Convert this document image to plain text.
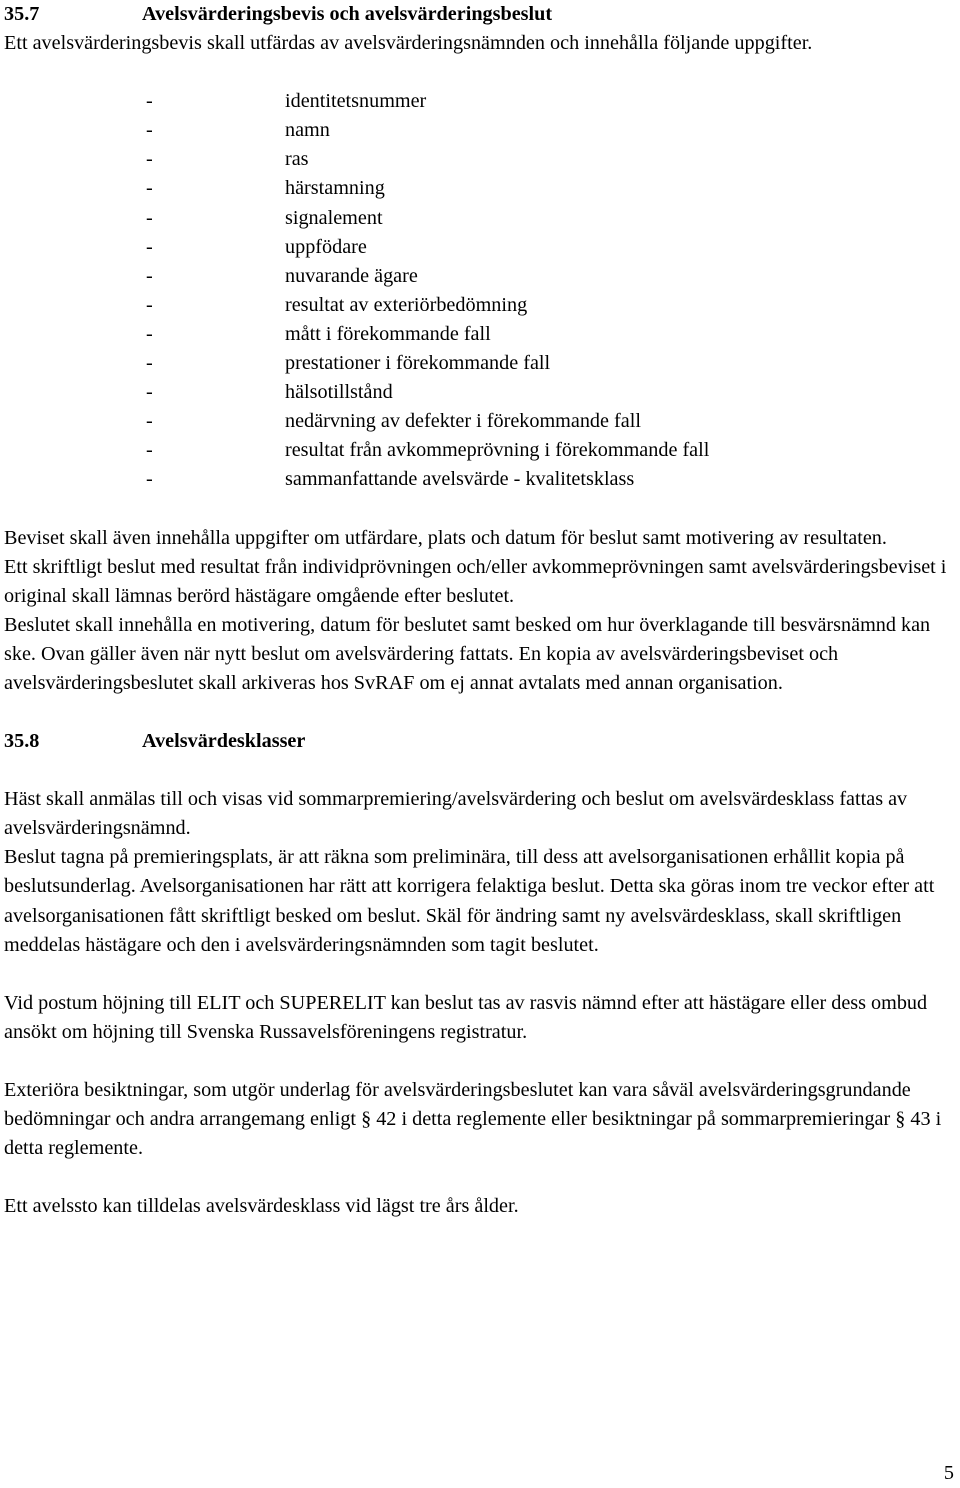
35.7	Avelsvärderingsbevis och avelsvärderingsbeslut

Ett avelsvärderingsbevis skall utfärdas av avelsvärderingsnämnden och innehålla följande uppgifter.

-	identitetsnummer
-	namn
-	ras
-	härstamning
-	signalement
-	uppfödare
-	nuvarande ägare
-	resultat av exteriörbedömning
-	mått i förekommande fall
-	prestationer i förekommande fall
-	hälsotillstånd
-	nedärvning av defekter i förekommande fall
-	resultat från avkommeprövning i förekommande fall
-	sammanfattande avelsvärde - kvalitetsklass

Beviset skall även innehålla uppgifter om utfärdare, plats och datum för beslut samt motivering av resultaten.

Ett skriftligt beslut med resultat från individprövningen och/eller avkommeprövningen samt avelsvärderingsbeviset i original skall lämnas berörd hästägare omgående efter beslutet.

Beslutet skall innehålla en motivering, datum för beslutet samt besked om hur överklagande till besvärsnämnd kan ske. Ovan gäller även när nytt beslut om avelsvärdering fattats. En kopia av avelsvärderingsbeviset och avelsvärderingsbeslutet skall arkiveras hos SvRAF om ej annat avtalats med annan organisation.

35.8	Avelsvärdesklasser

Häst skall anmälas till och visas vid sommarpremiering/avelsvärdering och beslut om avelsvärdesklass fattas av avelsvärderingsnämnd.

Beslut tagna på premieringsplats, är att räkna som preliminära, till dess att avelsorganisationen erhållit kopia på beslutsunderlag. Avelsorganisationen har rätt att korrigera felaktiga beslut. Detta ska göras inom tre veckor efter att avelsorganisationen fått skriftligt besked om beslut. Skäl för ändring samt ny avelsvärdesklass, skall skriftligen meddelas hästägare och den i avelsvärderingsnämnden som tagit beslutet.

Vid postum höjning till ELIT och SUPERELIT kan beslut tas av rasvis nämnd efter att hästägare eller dess ombud ansökt om höjning till Svenska Russavelsföreningens registratur.

Exteriöra besiktningar, som utgör underlag för avelsvärderingsbeslutet kan vara såväl avelsvärderingsgrundande bedömningar och andra arrangemang enligt § 42 i detta reglemente eller besiktningar på sommarpremieringar § 43 i detta reglemente.

Ett avelssto kan tilldelas avelsvärdesklass vid lägst tre års ålder.

5
